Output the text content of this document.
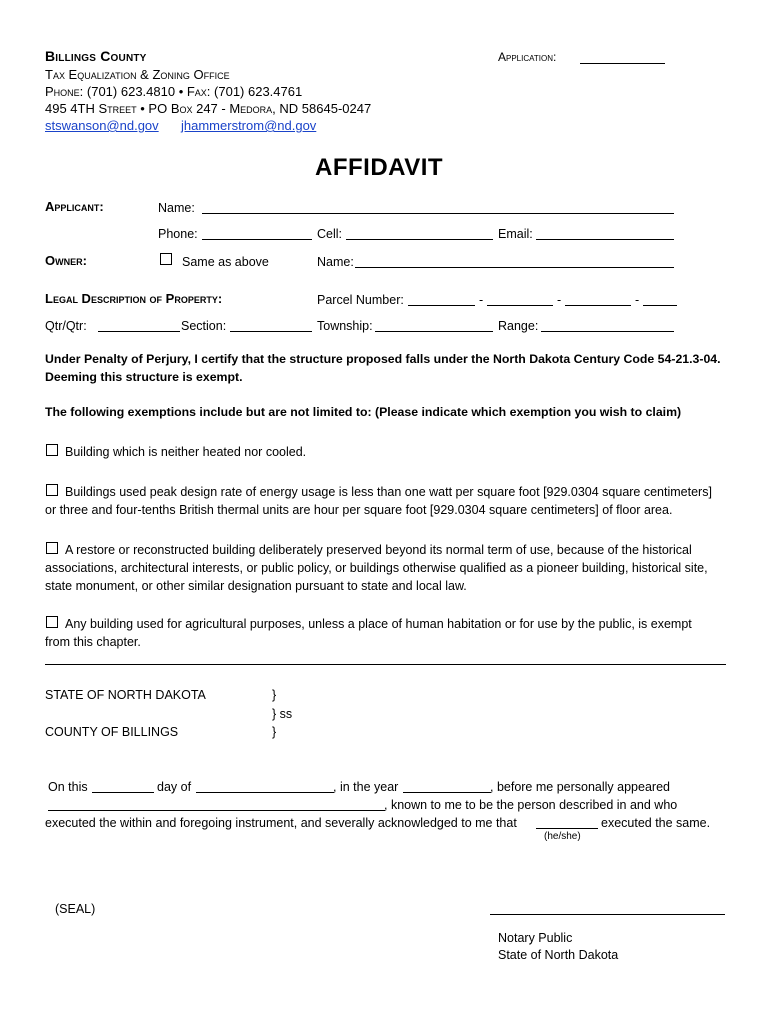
Billings County
Tax Equalization & Zoning Office
Phone: (701) 623.4810 • Fax: (701) 623.4761
495 4TH Street • PO Box 247 - Medora, ND 58645-0247
stswanson@nd.gov jhammerstrom@nd.gov
Application:
AFFIDAVIT
Applicant:	Name:
Phone:	Cell:	Email:
Owner:	Same as above	Name:
Legal Description of Property:	Parcel Number:	-	-	-
Qtr/Qtr:	Section:	Township:	Range:
Under Penalty of Perjury, I certify that the structure proposed falls under the North Dakota Century Code 54-21.3-04.
Deeming this structure is exempt.
The following exemptions include but are not limited to: (Please indicate which exemption you wish to claim)
Building which is neither heated nor cooled.
Buildings used peak design rate of energy usage is less than one watt per square foot [929.0304 square centimeters]
or three and four-tenths British thermal units are hour per square foot [929.0304 square centimeters] of floor area.
A restore or reconstructed building deliberately preserved beyond its normal term of use, because of the historical
associations, architectural interests, or public policy, or buildings otherwise qualified as a pioneer building, historical site,
state monument, or other similar designation pursuant to state and local law.
Any building used for agricultural purposes, unless a place of human habitation or for use by the public, is exempt
from this chapter.
STATE OF NORTH DAKOTA	}
} ss
COUNTY OF BILLINGS	}
On this	day of	, in the year	, before me personally appeared
, known to me to be the person described in and who
executed the within and foregoing instrument, and severally acknowledged to me that	executed the same.
(he/she)
(SEAL)
Notary Public
State of North Dakota
